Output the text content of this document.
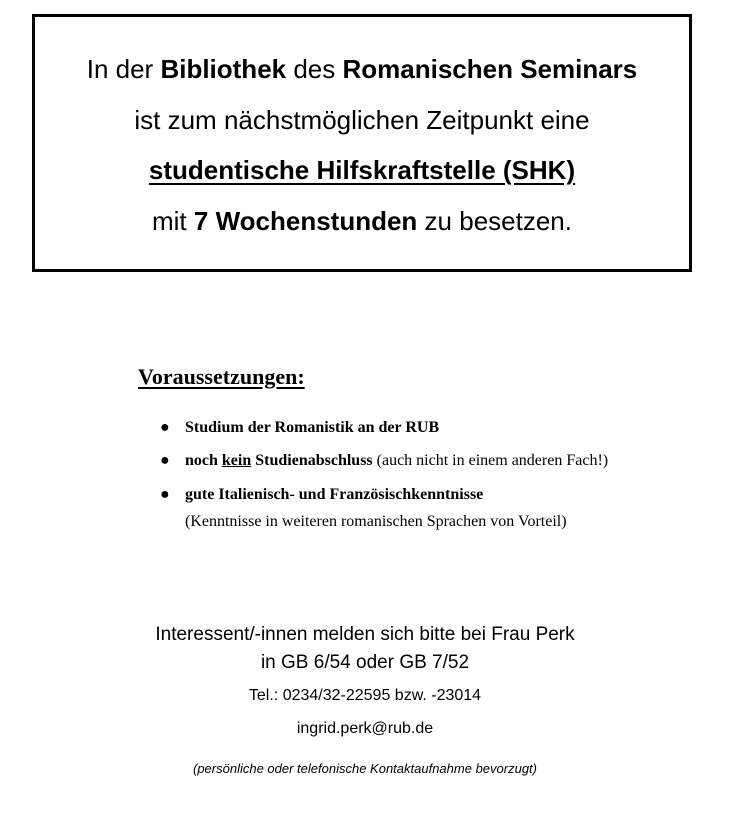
In der Bibliothek des Romanischen Seminars
ist zum nächstmöglichen Zeitpunkt eine
studentische Hilfskraftstelle (SHK)
mit 7 Wochenstunden zu besetzen.
Voraussetzungen:
● Studium der Romanistik an der RUB
● noch kein Studienabschluss (auch nicht in einem anderen Fach!)
● gute Italienisch- und Französischkenntnisse
(Kenntnisse in weiteren romanischen Sprachen von Vorteil)
Interessent/-innen melden sich bitte bei Frau Perk
in GB 6/54 oder GB 7/52
Tel.: 0234/32-22595 bzw. -23014
ingrid.perk@rub.de
(persönliche oder telefonische Kontaktaufnahme bevorzugt)
